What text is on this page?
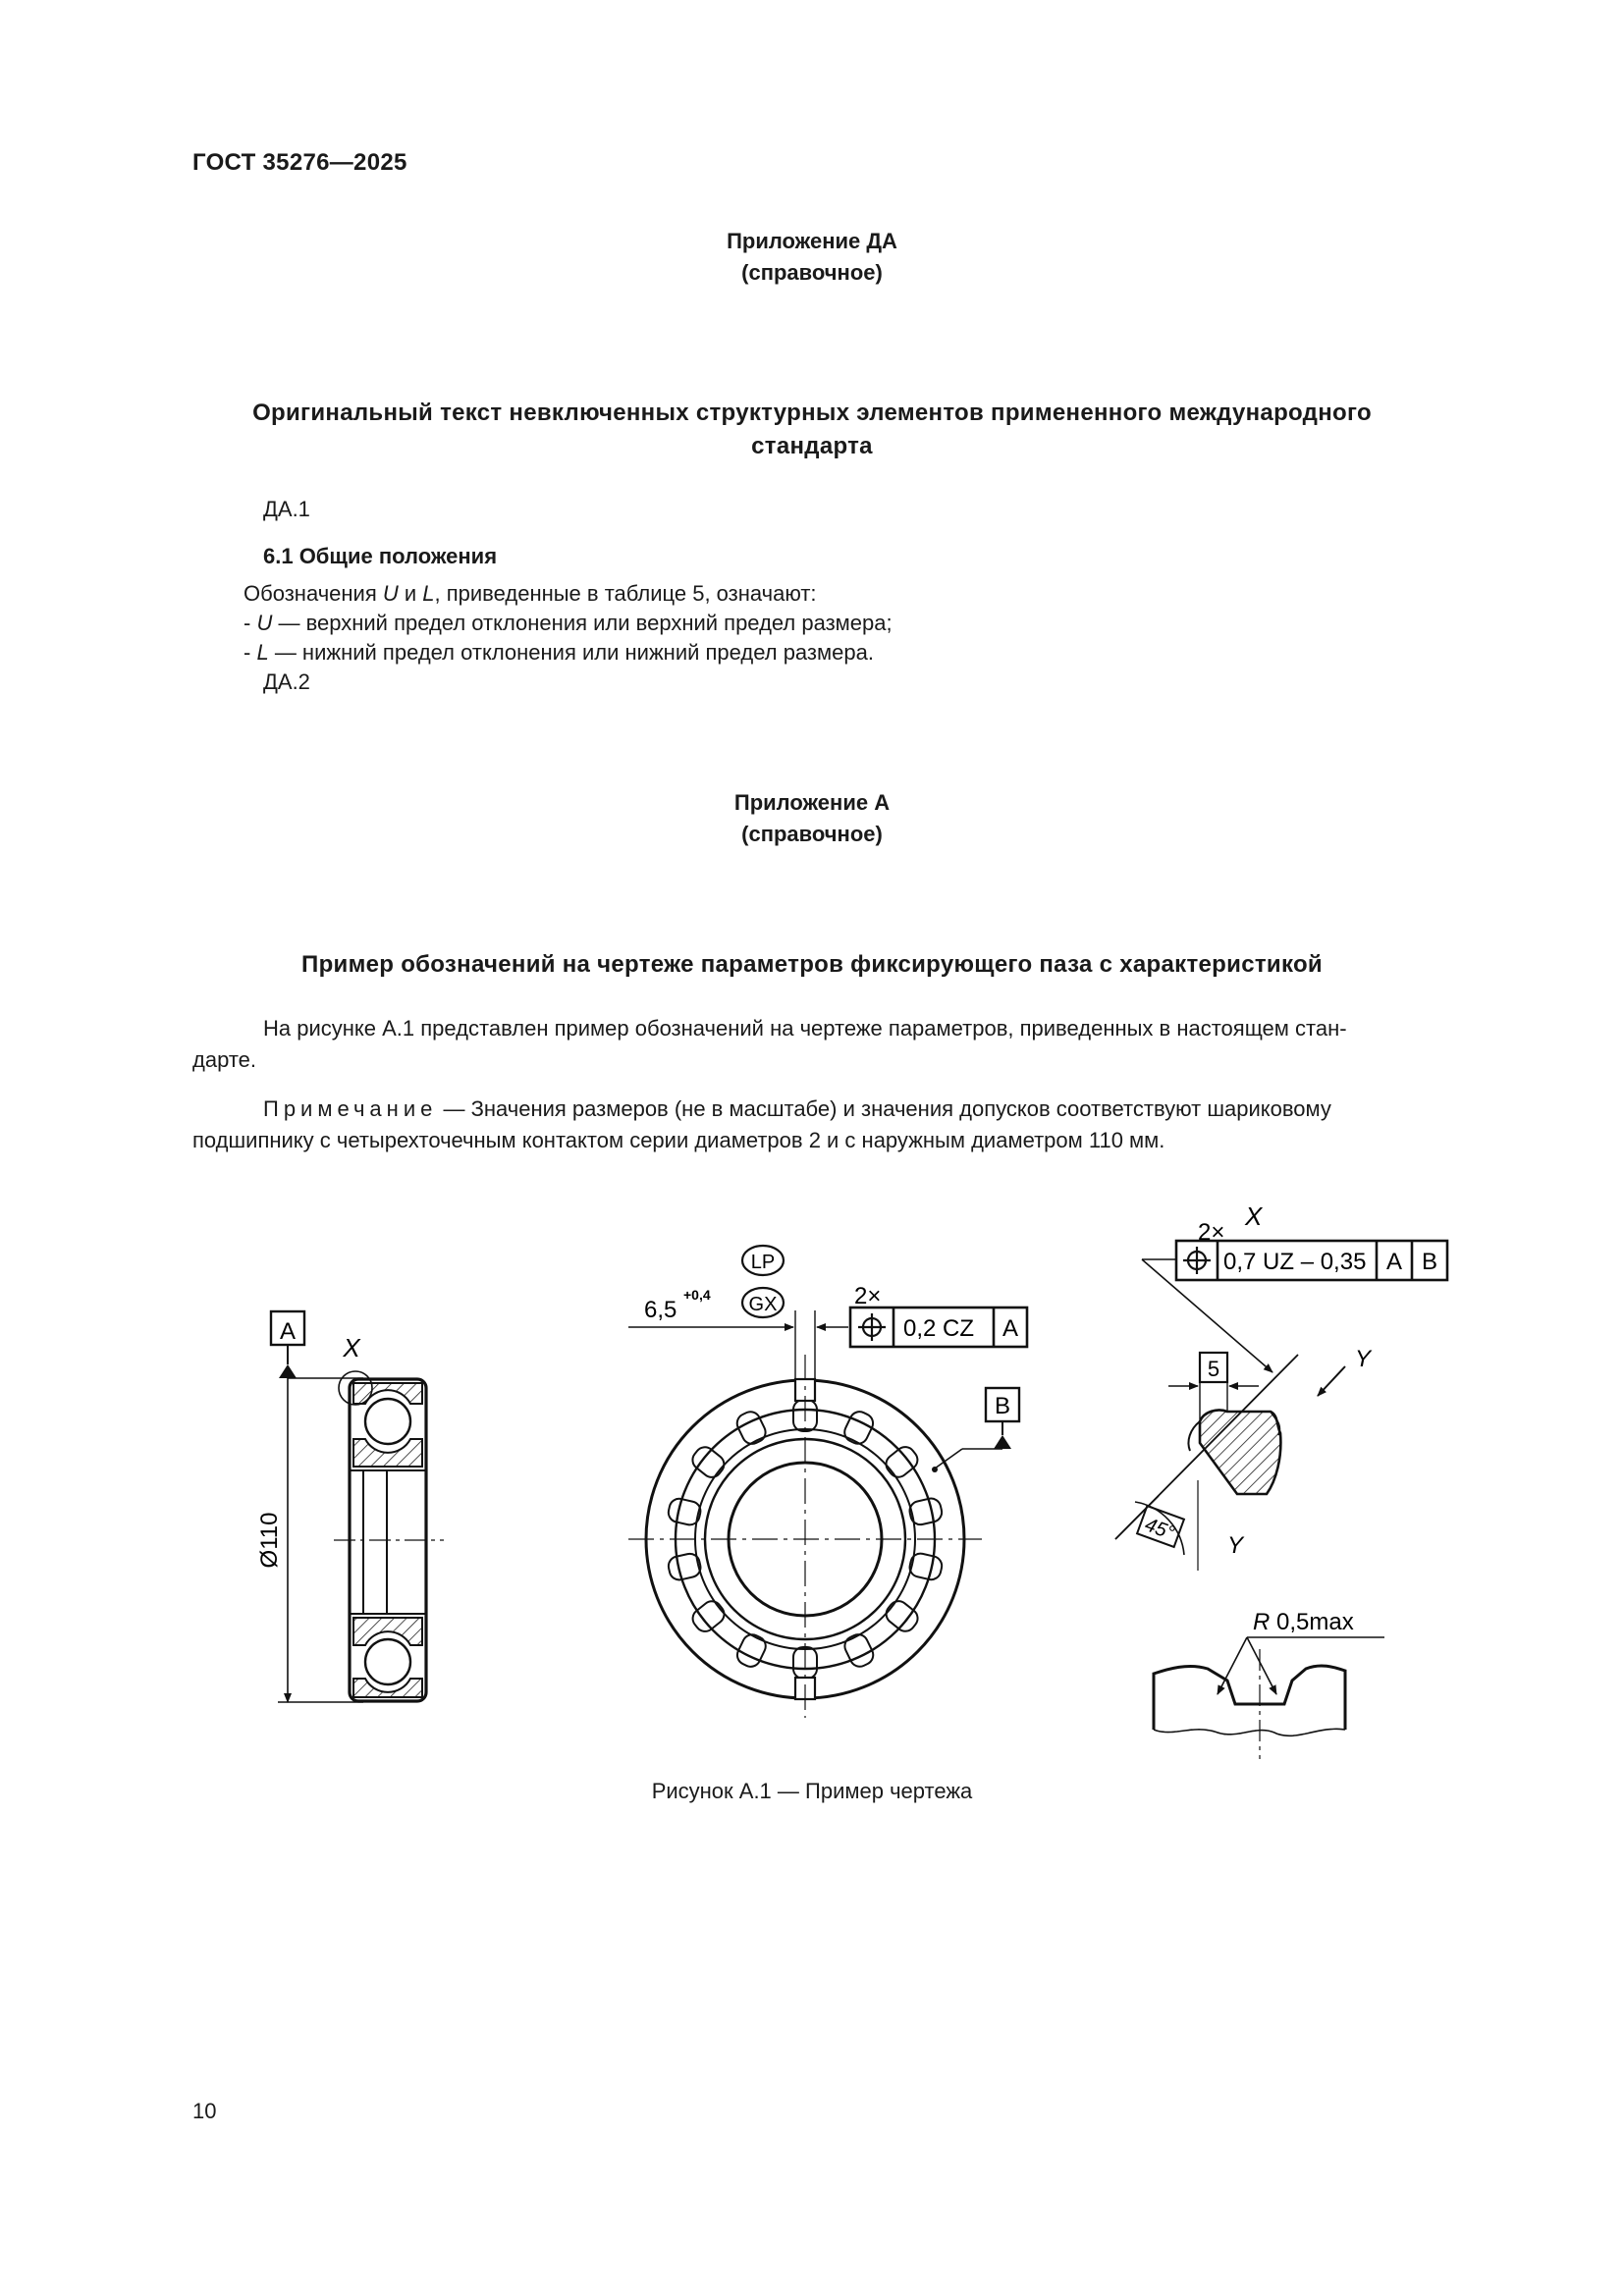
ГОСТ 35276—2025
Приложение ДА
(справочное)
Оригинальный текст невключенных структурных элементов примененного международного
стандарта
ДА.1
6.1 Общие положения
Обозначения U и L, приведенные в таблице 5, означают:
- U — верхний предел отклонения или верхний предел размера;
- L — нижний предел отклонения или нижний предел размера.
ДА.2
Приложение А
(справочное)
Пример обозначений на чертеже параметров фиксирующего паза с характеристикой
На рисунке А.1 представлен пример обозначений на чертеже параметров, приведенных в настоящем стан-
дарте.
Примечание — Значения размеров (не в масштабе) и значения допусков соответствуют шариковому
подшипнику с четырехточечным контактом серии диаметров 2 и с наружным диаметром 110 мм.
A
X
Ø110
6,5
+0,4
LP
GX	2×
0,2 CZ A
B
2×
X
0,7 UZ – 0,35 A B
5	Y
Y
45°
R 0,5max
Рисунок А.1 — Пример чертежа
10
